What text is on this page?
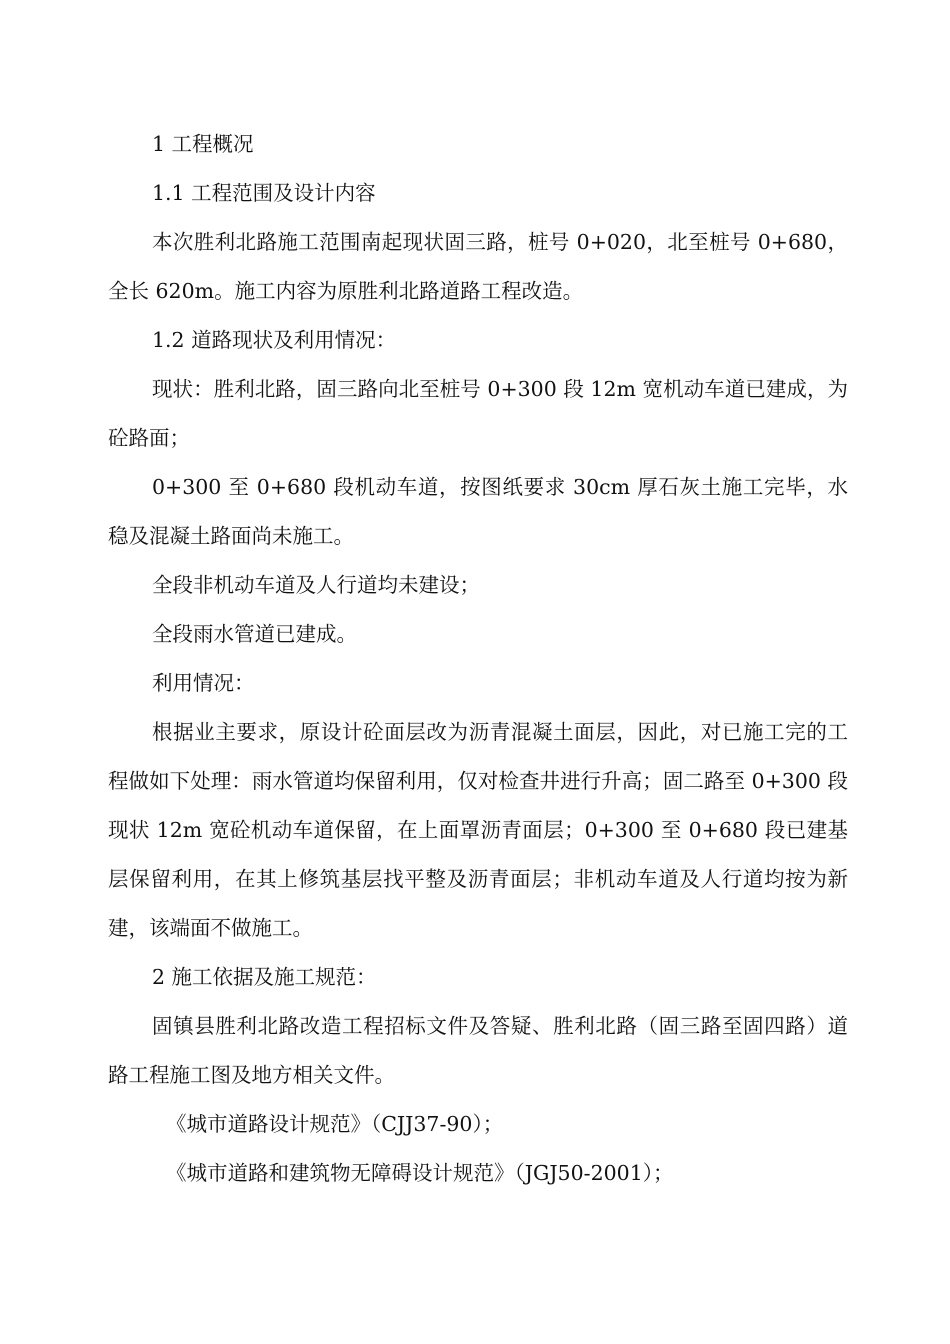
1 工程概况

1.1 工程范围及设计内容

本次胜利北路施工范围南起现状固三路，桩号 0+020，北至桩号 0+680，全长 620m。施工内容为原胜利北路道路工程改造。

1.2 道路现状及利用情况：

现状：胜利北路，固三路向北至桩号 0+300 段 12m 宽机动车道已建成，为砼路面；

0+300 至 0+680 段机动车道，按图纸要求 30cm 厚石灰土施工完毕，水稳及混凝土路面尚未施工。

全段非机动车道及人行道均未建设；

全段雨水管道已建成。

利用情况：

根据业主要求，原设计砼面层改为沥青混凝土面层，因此，对已施工完的工程做如下处理：雨水管道均保留利用，仅对检查井进行升高；固二路至 0+300 段现状 12m 宽砼机动车道保留，在上面罩沥青面层；0+300 至 0+680 段已建基层保留利用，在其上修筑基层找平整及沥青面层；非机动车道及人行道均按为新建，该端面不做施工。

2 施工依据及施工规范：

固镇县胜利北路改造工程招标文件及答疑、胜利北路（固三路至固四路）道路工程施工图及地方相关文件。

《城市道路设计规范》（CJJ37-90）；

《城市道路和建筑物无障碍设计规范》（JGJ50-2001）；
